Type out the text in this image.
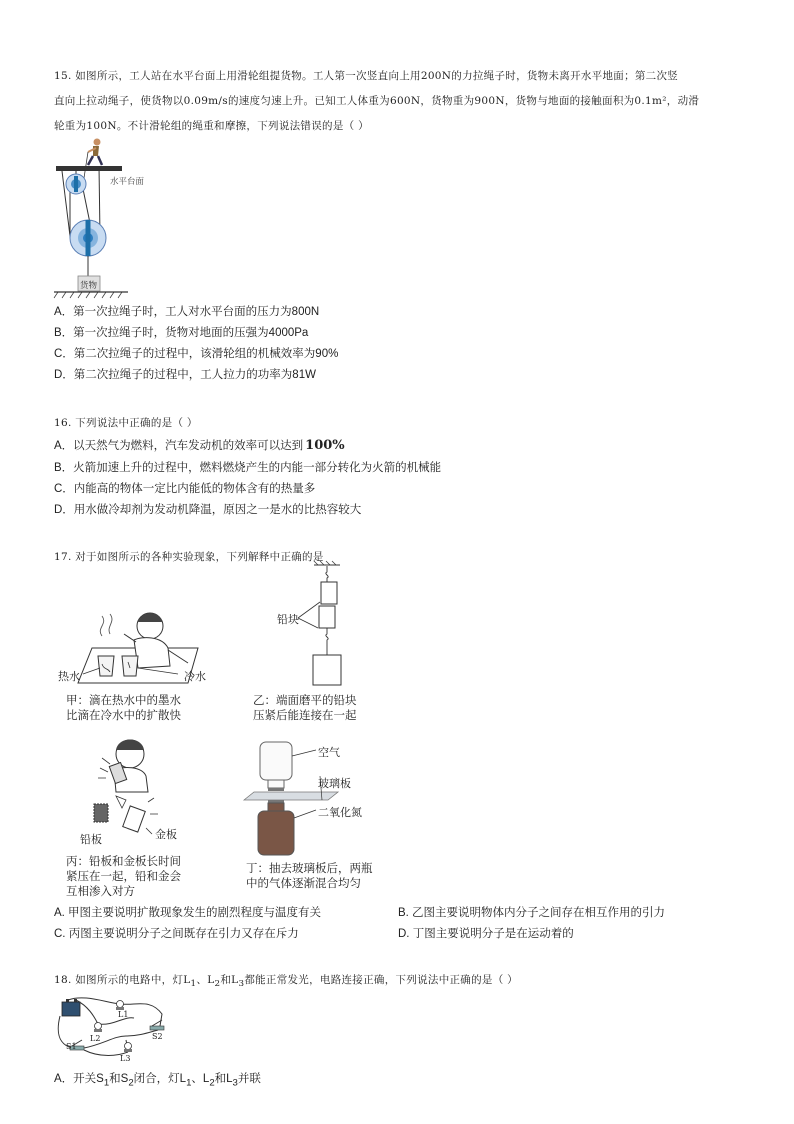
15. 如图所示，工人站在水平台面上用滑轮组提货物。工人第一次竖直向上用200N的力拉绳子时，货物未离开水平地面；第二次竖
直向上拉动绳子，使货物以0.09m/s的速度匀速上升。已知工人体重为600N，货物重为900N，货物与地面的接触面积为0.1m²，动滑
轮重为100N。不计滑轮组的绳重和摩擦，下列说法错误的是（ ）
水平台面
货物
A．第一次拉绳子时，工人对水平台面的压力为800N
B．第一次拉绳子时，货物对地面的压强为4000Pa
C．第二次拉绳子的过程中，该滑轮组的机械效率为90%
D．第二次拉绳子的过程中，工人拉力的功率为81W
16. 下列说法中正确的是（ ）
A．以天然气为燃料，汽车发动机的效率可以达到 100%
B．火箭加速上升的过程中，燃料燃烧产生的内能一部分转化为火箭的机械能
C．内能高的物体一定比内能低的物体含有的热量多
D．用水做冷却剂为发动机降温，原因之一是水的比热容较大
17. 对于如图所示的各种实验现象，下列解释中正确的是
热水	冷水
甲：滴在热水中的墨水
比滴在冷水中的扩散快
铅块
乙：端面磨平的铅块
压紧后能连接在一起
铅板	金板
丙：铅板和金板长时间
紧压在一起，铅和金会
互相渗入对方
空气
玻璃板
二氧化氮
丁：抽去玻璃板后，两瓶
中的气体逐渐混合均匀
A. 甲图主要说明扩散现象发生的剧烈程度与温度有关	B. 乙图主要说明物体内分子之间存在相互作用的引力
C. 丙图主要说明分子之间既存在引力又存在斥力	D. 丁图主要说明分子是在运动着的
18. 如图所示的电路中，灯$L_1$、$L_2$和$L_3$都能正常发光，电路连接正确，下列说法中正确的是（ ）
L1
L2
L3
S1
S2
A．开关$S_1$和$S_2$闭合，灯$L_1$、$L_2$和$L_3$并联
